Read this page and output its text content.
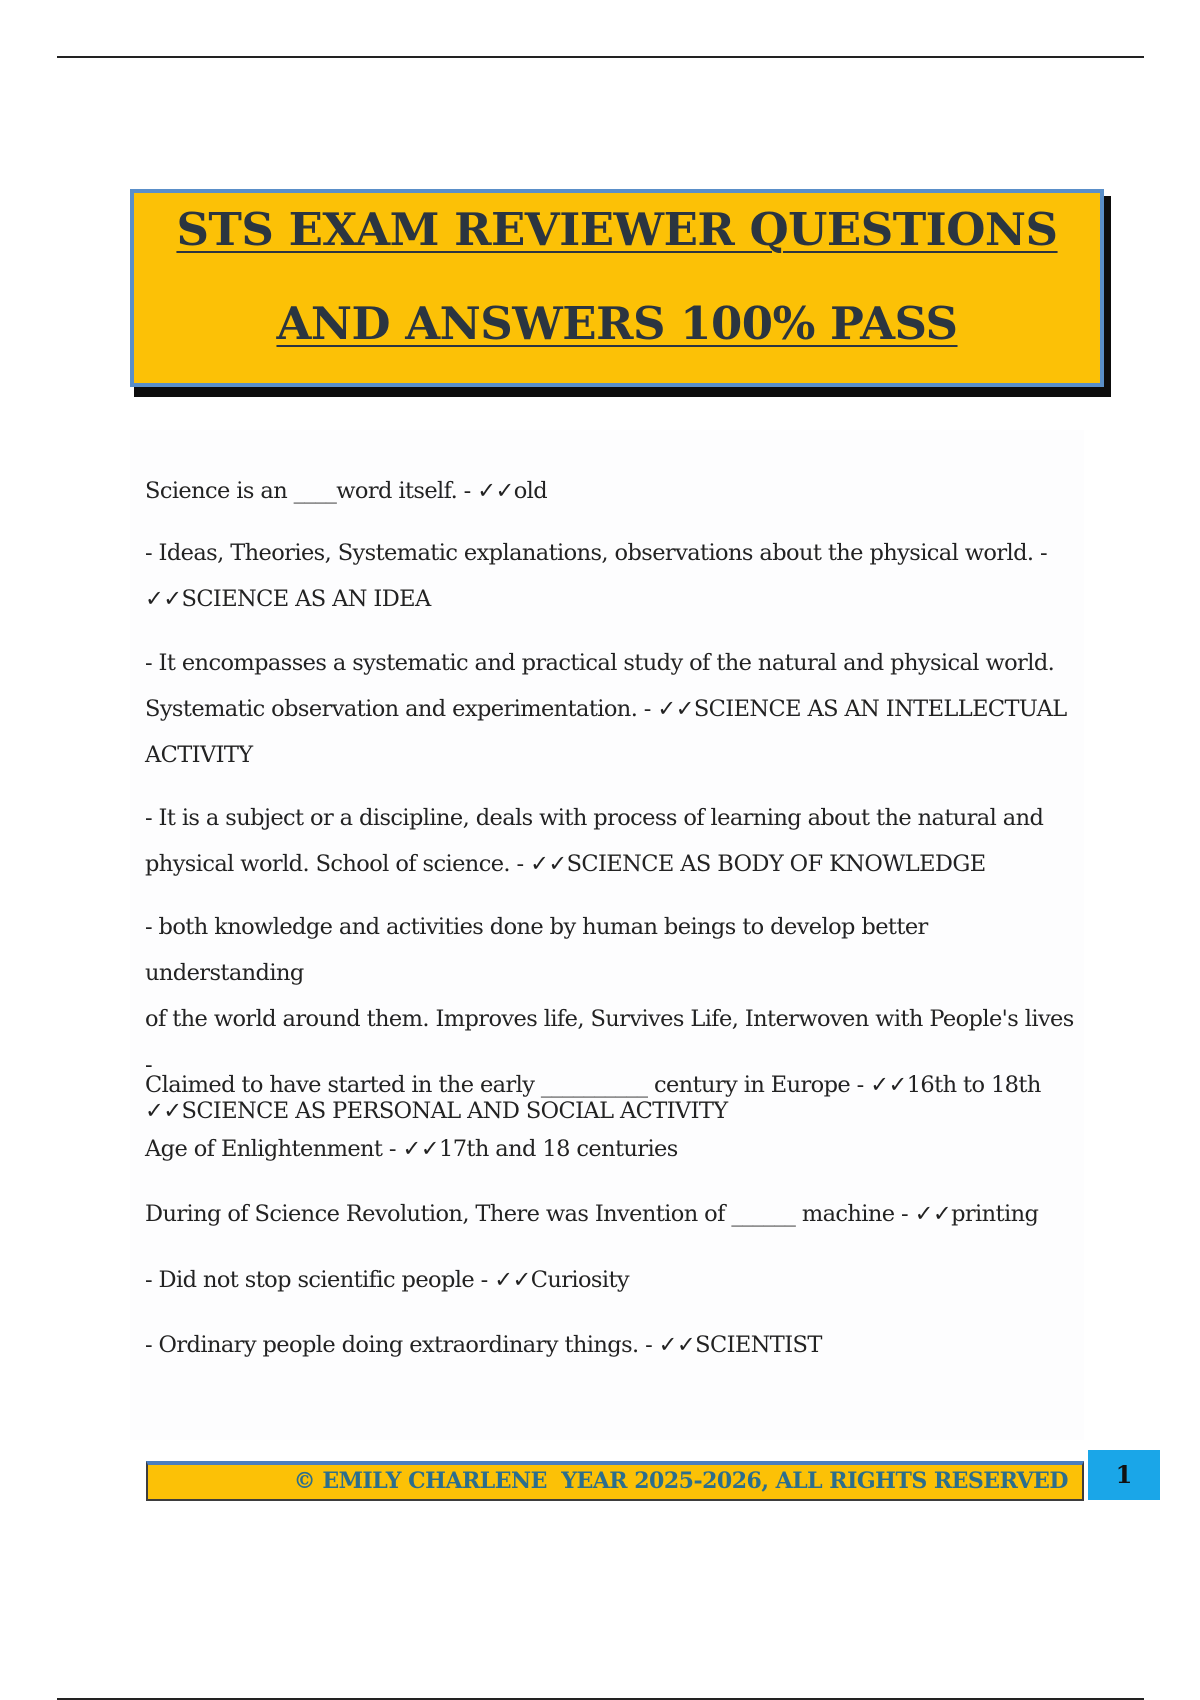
STS EXAM REVIEWER QUESTIONS
AND ANSWERS 100% PASS

Science is an ____word itself. - ✓✓old

- Ideas, Theories, Systematic explanations, observations about the physical world. -
✓✓SCIENCE AS AN IDEA

- It encompasses a systematic and practical study of the natural and physical world.
Systematic observation and experimentation. - ✓✓SCIENCE AS AN INTELLECTUAL
ACTIVITY

- It is a subject or a discipline, deals with process of learning about the natural and
physical world. School of science. - ✓✓SCIENCE AS BODY OF KNOWLEDGE

- both knowledge and activities done by human beings to develop better understanding
of the world around them. Improves life, Survives Life, Interwoven with People's lives -
✓✓SCIENCE AS PERSONAL AND SOCIAL ACTIVITY

Claimed to have started in the early __________ century in Europe - ✓✓16th to 18th

Age of Enlightenment - ✓✓17th and 18 centuries

During of Science Revolution, There was Invention of ______ machine - ✓✓printing

- Did not stop scientific people - ✓✓Curiosity

- Ordinary people doing extraordinary things. - ✓✓SCIENTIST

© EMILY CHARLENE  YEAR 2025-2026, ALL RIGHTS RESERVED	1
